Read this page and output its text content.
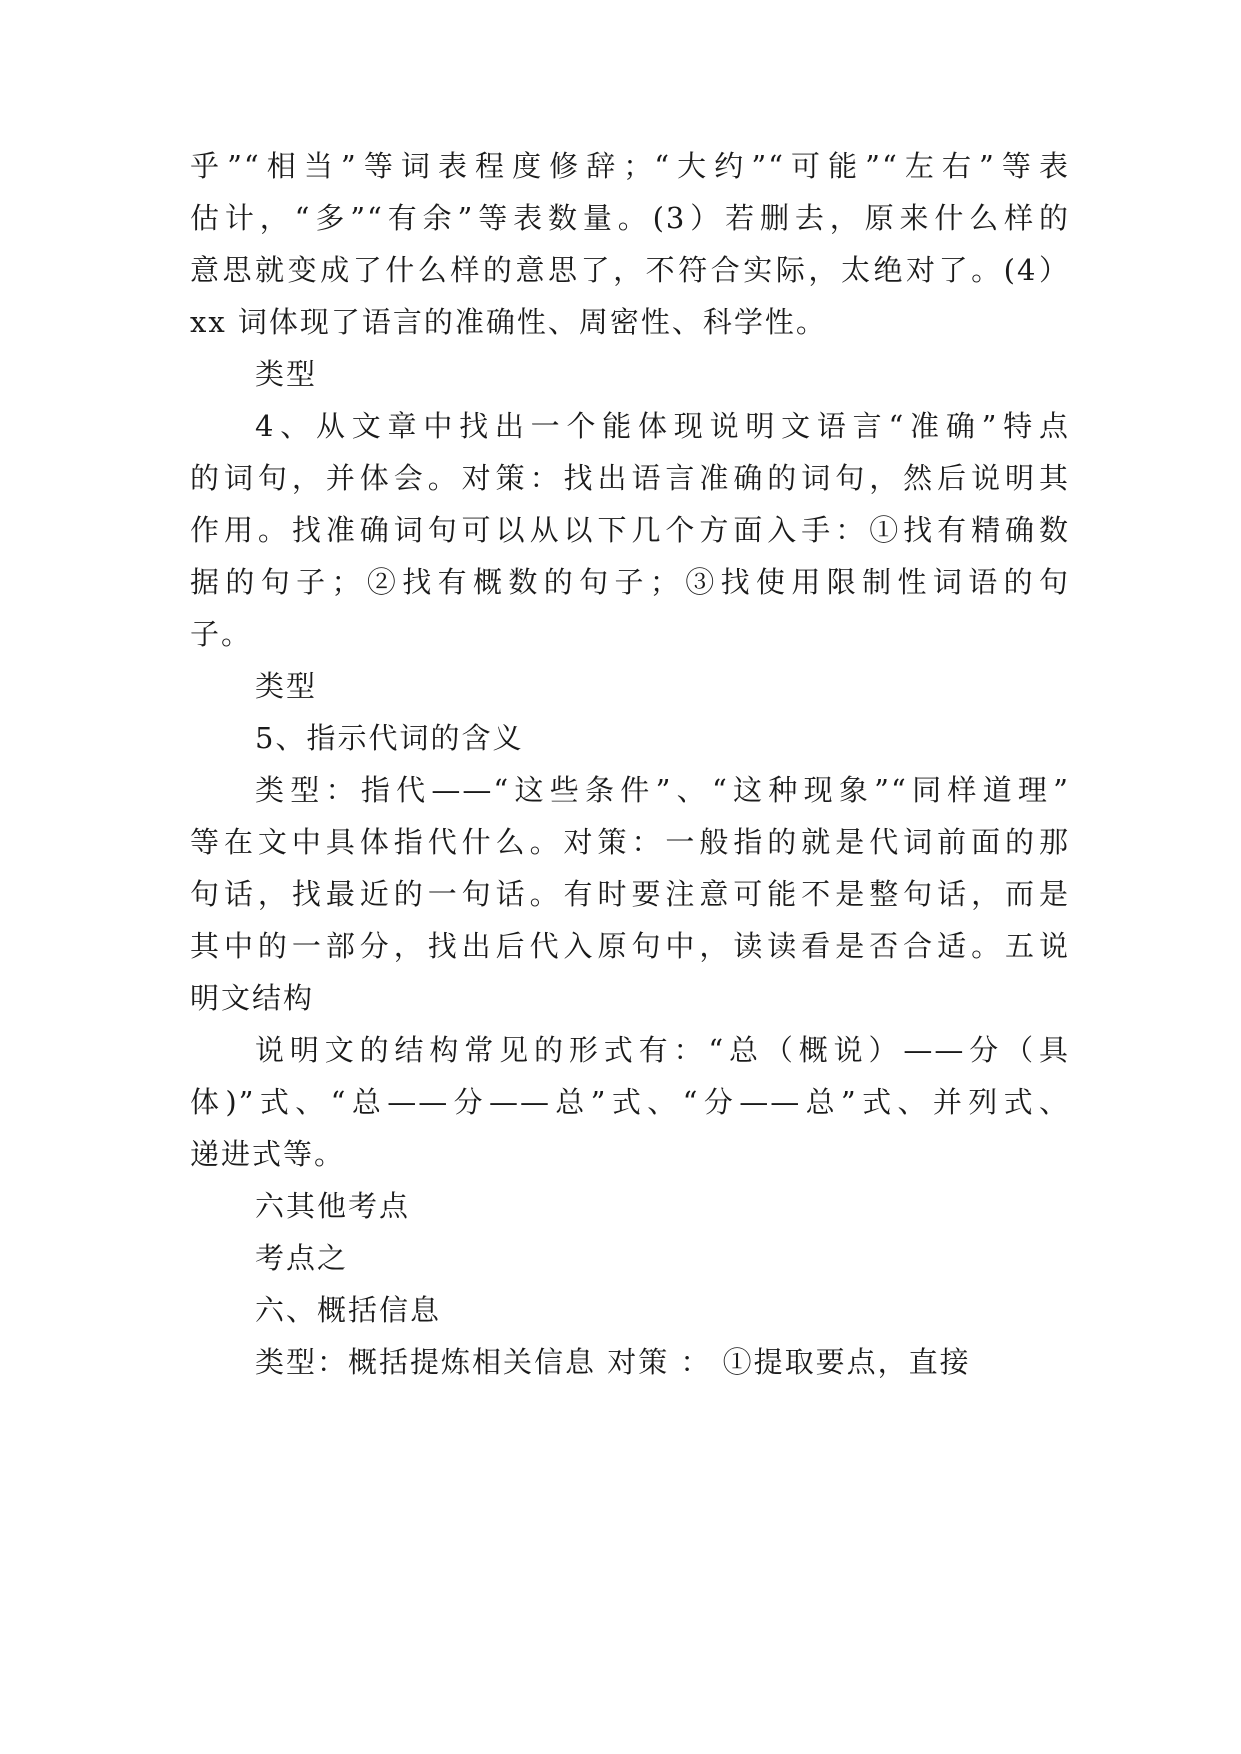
乎”“相当”等词表程度修辞；“大约”“可能”“左右”等表
估计，“多”“有余”等表数量。(3）若删去，原来什么样的
意思就变成了什么样的意思了，不符合实际，太绝对了。(4）
xx 词体现了语言的准确性、周密性、科学性。
类型
4、从文章中找出一个能体现说明文语言“准确”特点
的词句，并体会。对策：找出语言准确的词句，然后说明其
作用。找准确词句可以从以下几个方面入手：①找有精确数
据的句子；②找有概数的句子；③找使用限制性词语的句
子。
类型
5、指示代词的含义
类型：指代——“这些条件”、“这种现象”“同样道理”
等在文中具体指代什么。对策：一般指的就是代词前面的那
句话，找最近的一句话。有时要注意可能不是整句话，而是
其中的一部分，找出后代入原句中，读读看是否合适。五说
明文结构
说明文的结构常见的形式有：“总（概说）——分（具
体)”式、“总——分——总”式、“分——总”式、并列式、
递进式等。
六其他考点
考点之
六、概括信息
类型：概括提炼相关信息 对策 ： ①提取要点，直接
